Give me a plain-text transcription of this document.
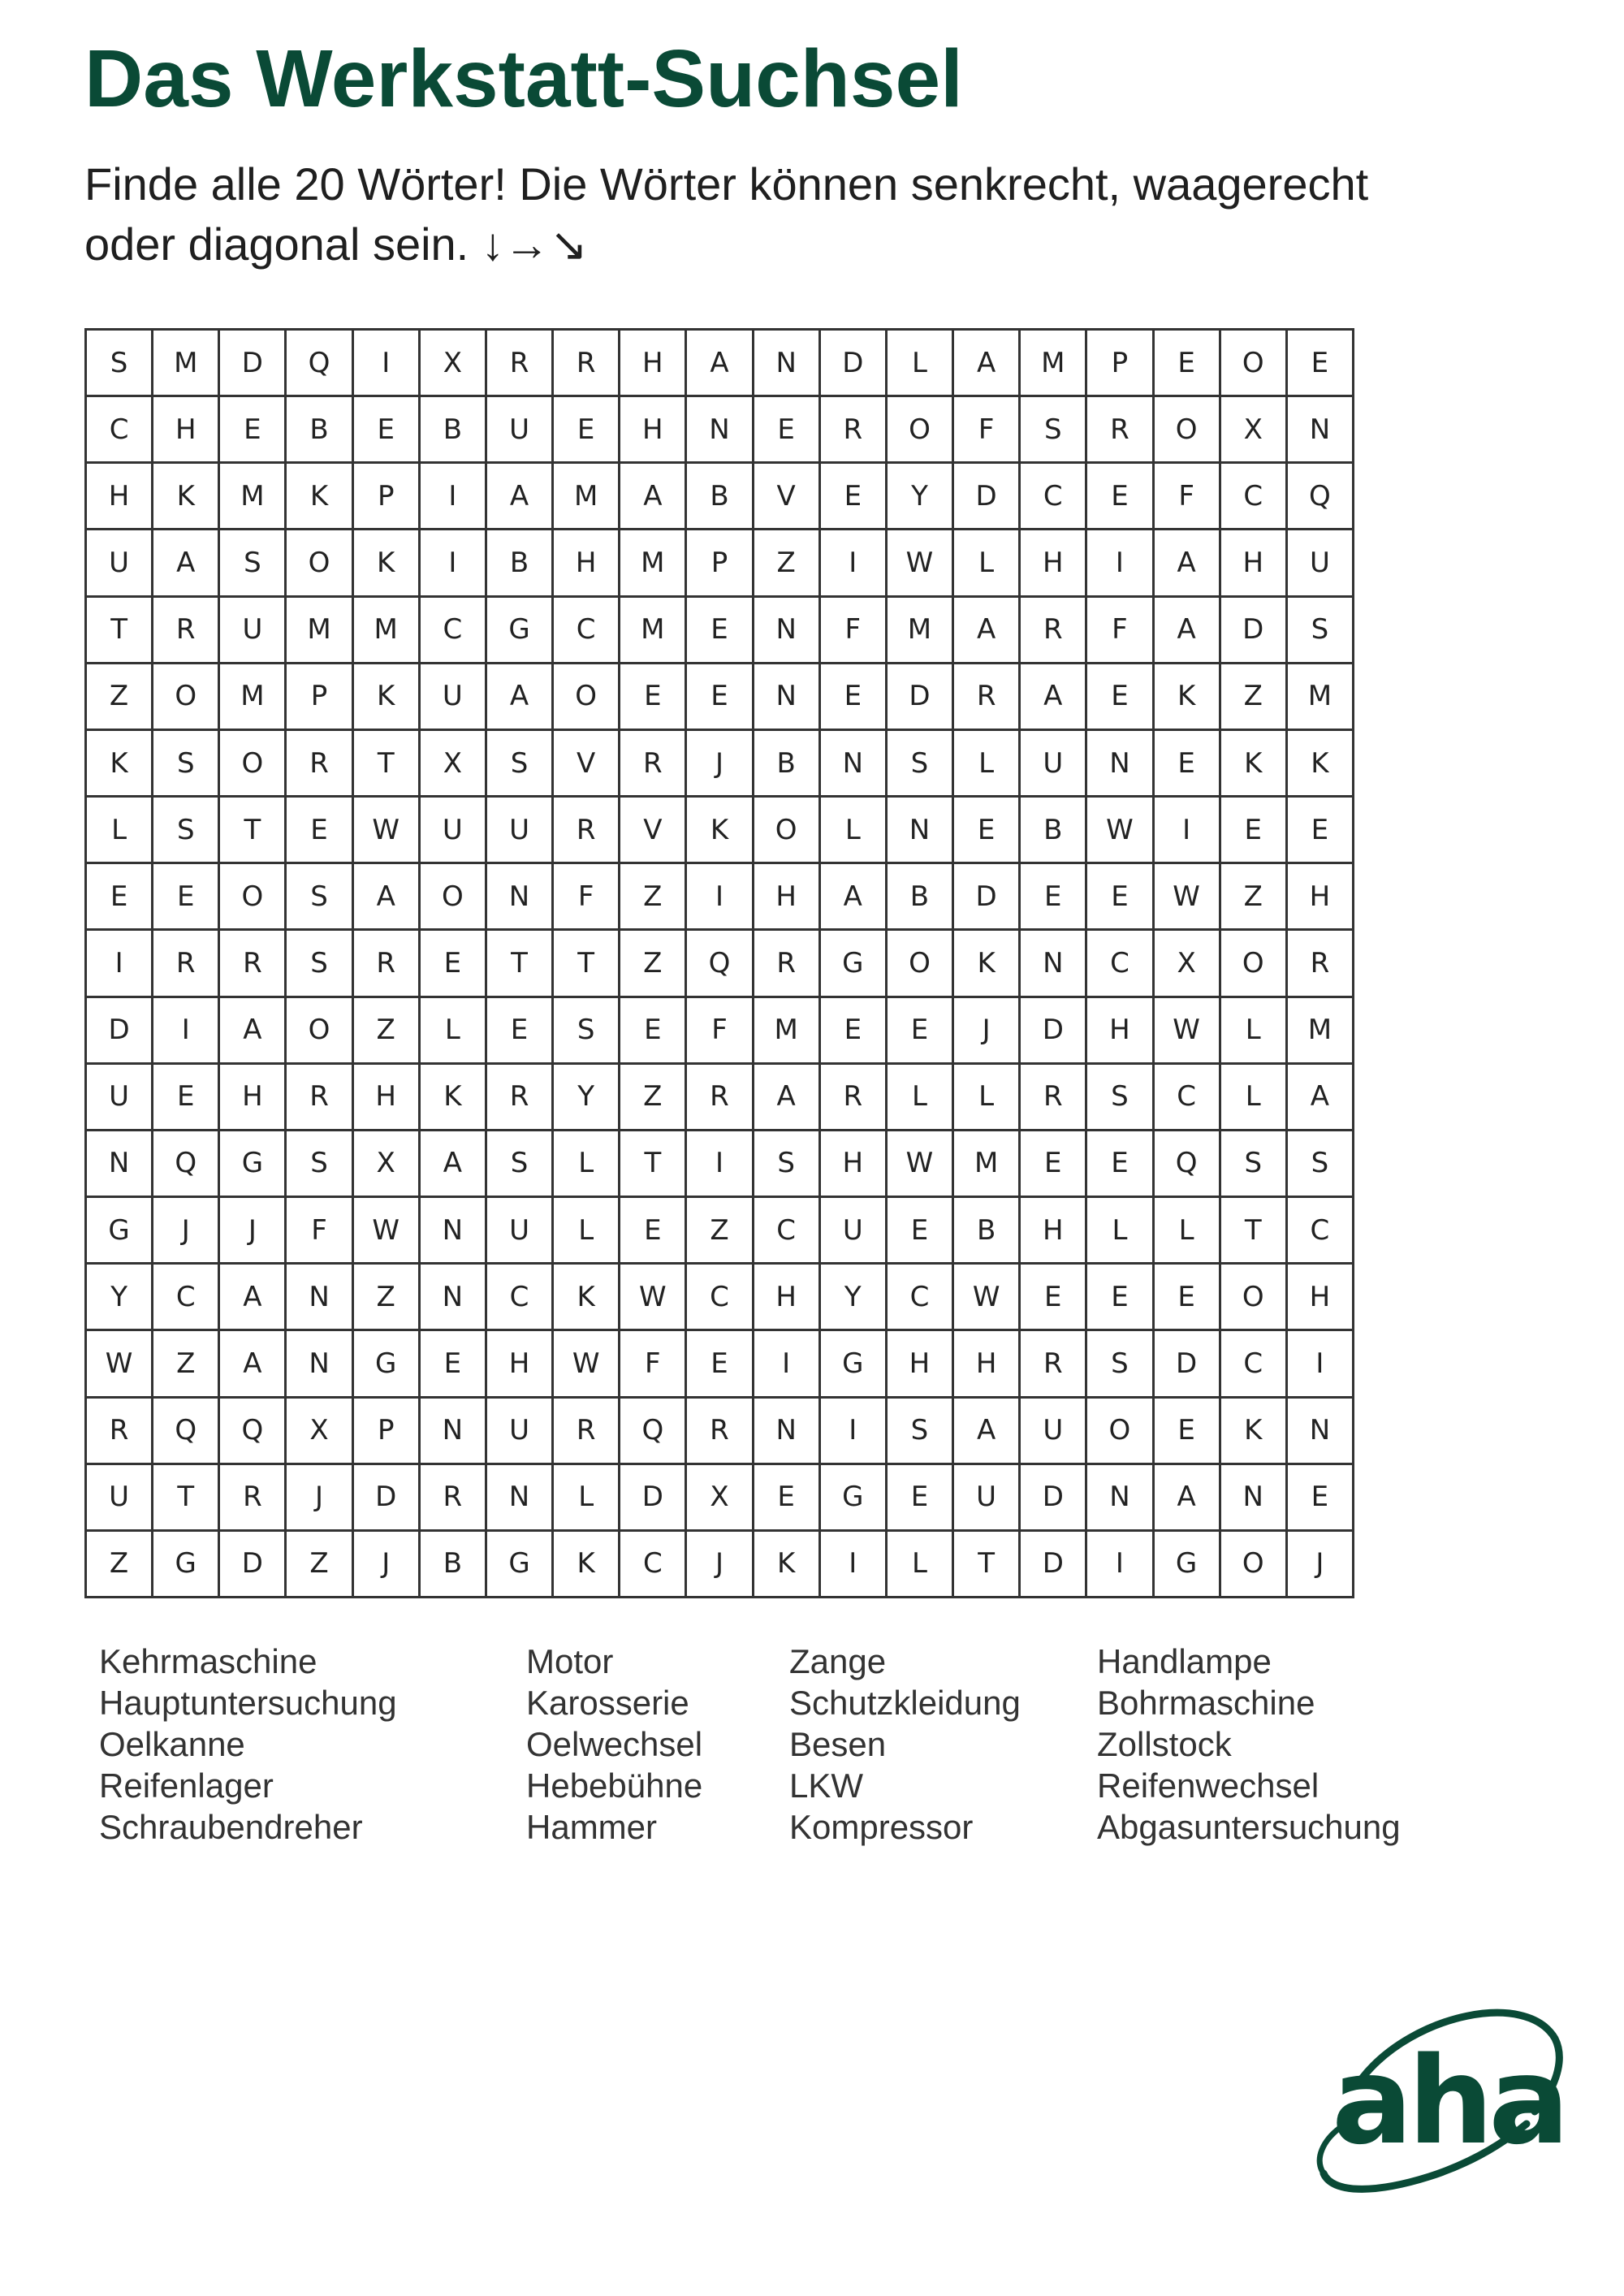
Das Werkstatt-Suchsel
Finde alle 20 Wörter! Die Wörter können senkrecht, waagerecht oder diagonal sein. ↓→↘
S	M	D	Q	I	X	R	R	H	A	N	D	L	A	M	P	E	O	E
C	H	E	B	E	B	U	E	H	N	E	R	O	F	S	R	O	X	N
H	K	M	K	P	I	A	M	A	B	V	E	Y	D	C	E	F	C	Q
U	A	S	O	K	I	B	H	M	P	Z	I	W	L	H	I	A	H	U
T	R	U	M	M	C	G	C	M	E	N	F	M	A	R	F	A	D	S
Z	O	M	P	K	U	A	O	E	E	N	E	D	R	A	E	K	Z	M
K	S	O	R	T	X	S	V	R	J	B	N	S	L	U	N	E	K	K
L	S	T	E	W	U	U	R	V	K	O	L	N	E	B	W	I	E	E
E	E	O	S	A	O	N	F	Z	I	H	A	B	D	E	E	W	Z	H
I	R	R	S	R	E	T	T	Z	Q	R	G	O	K	N	C	X	O	R
D	I	A	O	Z	L	E	S	E	F	M	E	E	J	D	H	W	L	M
U	E	H	R	H	K	R	Y	Z	R	A	R	L	L	R	S	C	L	A
N	Q	G	S	X	A	S	L	T	I	S	H	W	M	E	E	Q	S	S
G	J	J	F	W	N	U	L	E	Z	C	U	E	B	H	L	L	T	C
Y	C	A	N	Z	N	C	K	W	C	H	Y	C	W	E	E	E	O	H
W	Z	A	N	G	E	H	W	F	E	I	G	H	H	R	S	D	C	I
R	Q	Q	X	P	N	U	R	Q	R	N	I	S	A	U	O	E	K	N
U	T	R	J	D	R	N	L	D	X	E	G	E	U	D	N	A	N	E
Z	G	D	Z	J	B	G	K	C	J	K	I	L	T	D	I	G	O	J
Kehrmaschine
Hauptuntersuchung
Oelkanne
Reifenlager
Schraubendreher
Motor
Karosserie
Oelwechsel
Hebebühne
Hammer
Zange
Schutzkleidung
Besen
LKW
Kompressor
Handlampe
Bohrmaschine
Zollstock
Reifenwechsel
Abgasuntersuchung
aha
